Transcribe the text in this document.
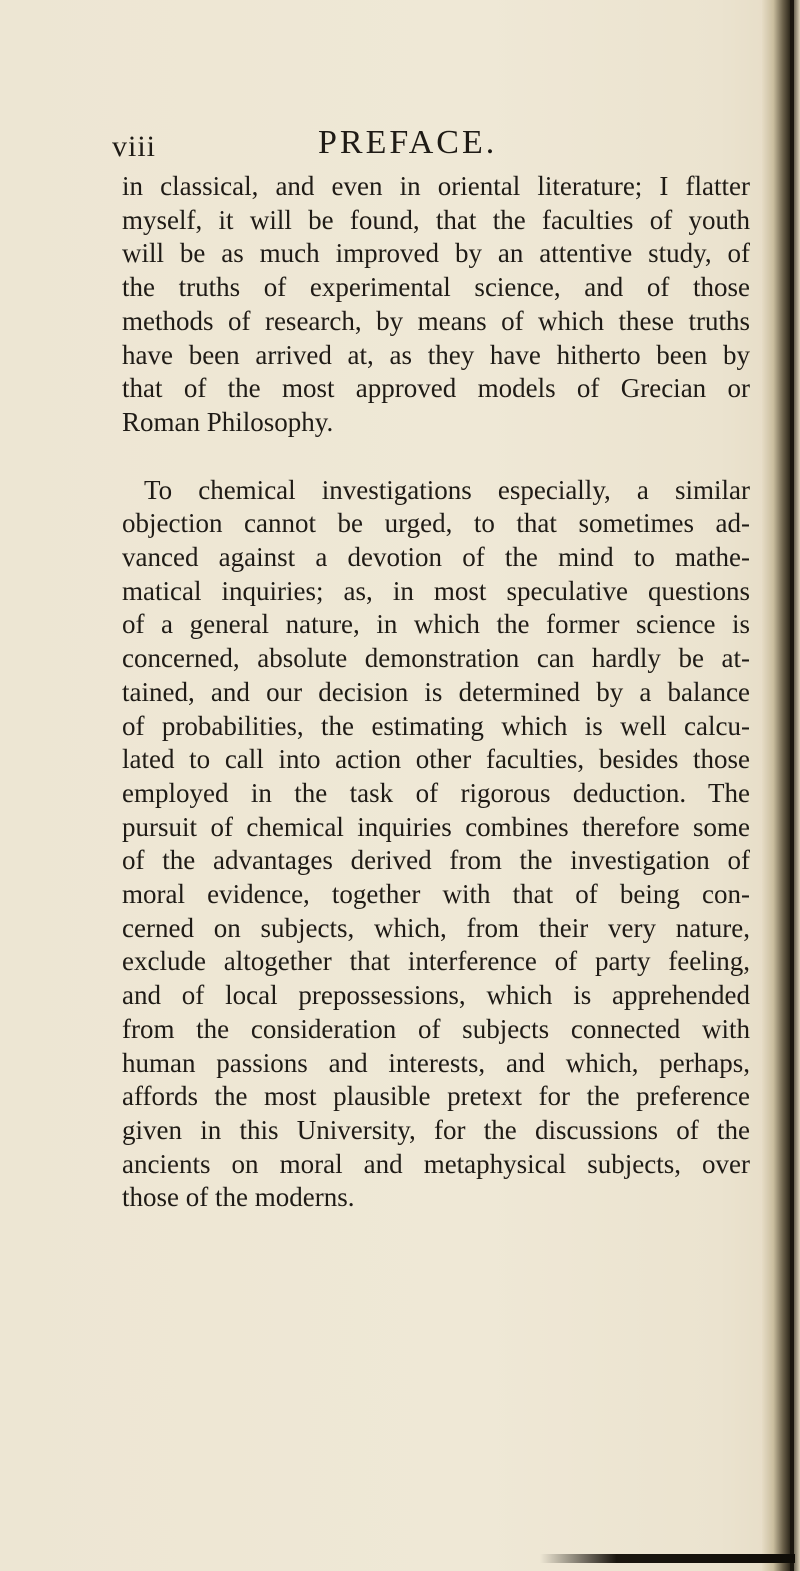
viii	PREFACE.

in classical, and even in oriental literature; I flatter
myself, it will be found, that the faculties of youth
will be as much improved by an attentive study, of
the truths of experimental science, and of those
methods of research, by means of which these truths
have been arrived at, as they have hitherto been by
that of the most approved models of Grecian or
Roman Philosophy.

To chemical investigations especially, a similar
objection cannot be urged, to that sometimes ad-
vanced against a devotion of the mind to mathe-
matical inquiries; as, in most speculative questions
of a general nature, in which the former science is
concerned, absolute demonstration can hardly be at-
tained, and our decision is determined by a balance
of probabilities, the estimating which is well calcu-
lated to call into action other faculties, besides those
employed in the task of rigorous deduction. The
pursuit of chemical inquiries combines therefore some
of the advantages derived from the investigation of
moral evidence, together with that of being con-
cerned on subjects, which, from their very nature,
exclude altogether that interference of party feeling,
and of local prepossessions, which is apprehended
from the consideration of subjects connected with
human passions and interests, and which, perhaps,
affords the most plausible pretext for the preference
given in this University, for the discussions of the
ancients on moral and metaphysical subjects, over
those of the moderns.
